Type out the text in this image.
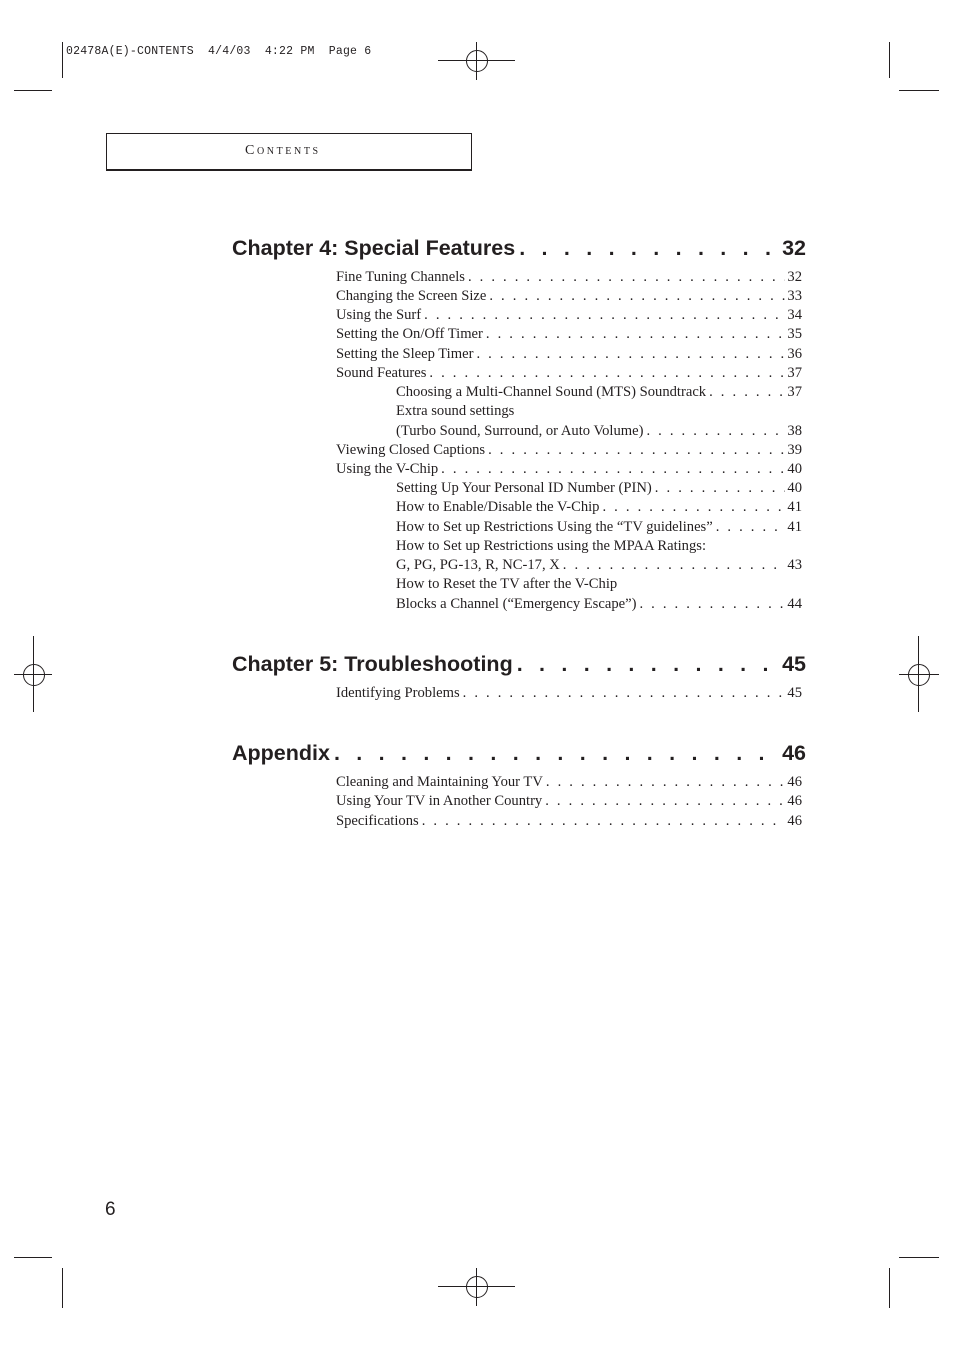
02478A(E)-CONTENTS  4/4/03  4:22 PM  Page 6
Contents
Chapter 4: Special Features . . .	32
Fine Tuning Channels . . .	32
Changing the Screen Size . . .	33
Using the Surf . . .	34
Setting the On/Off Timer . . .	35
Setting the Sleep Timer . . .	36
Sound Features . . .	37
Choosing a Multi-Channel Sound (MTS) Soundtrack . . .	37
Extra sound settings
(Turbo Sound, Surround, or Auto Volume) . . .	38
Viewing Closed Captions . . .	39
Using the V-Chip . . .	40
Setting Up Your Personal ID Number (PIN) . . .	40
How to Enable/Disable the V-Chip . . .	41
How to Set up Restrictions Using the “TV guidelines” . . .	41
How to Set up Restrictions using the MPAA Ratings:
G, PG, PG-13, R, NC-17, X . . .	43
How to Reset the TV after the V-Chip
Blocks a Channel (“Emergency Escape”) . . .	44
Chapter 5: Troubleshooting . . .	45
Identifying Problems . . .	45
Appendix . . .	46
Cleaning and Maintaining Your TV . . .	46
Using Your TV in Another Country . . .	46
Specifications . . .	46
6
